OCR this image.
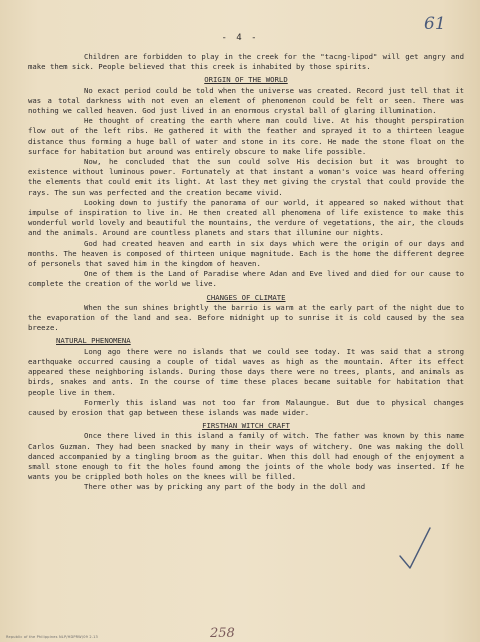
- 4 -
61

Children are forbidden to play in the creek for the "tacng-lipod" will get angry and make them sick. People believed that this creek is inhabited by those spirits.

ORIGIN OF THE WORLD

No exact period could be told when the universe was created. Record just tell that it was a total darkness with not even an element of phenomenon could be felt or seen. There was nothing we called heaven. God just lived in an enormous crystal ball of glaring illumination.

He thought of creating the earth where man could live. At his thought perspiration flow out of the left ribs. He gathered it with the feather and sprayed it to a thirteen league distance thus forming a huge ball of water and stone in its core. He made the stone float on the surface for habitation but around was entirely obscure to make life possible.

Now, he concluded that the sun could solve His decision but it was brought to existence without luminous power. Fortunately at that instant a woman's voice was heard offering the elements that could emit its light. At last they met giving the crystal that could provide the rays. The sun was perfected and the creation became vivid.

Looking down to justify the panorama of our world, it appeared so naked without that impulse of inspiration to live in. He then created all phenomena of life existence to make this wonderful world lovely and beautiful the mountains, the verdure of vegetations, the air, the clouds and the animals. Around are countless planets and stars that illumine our nights.

God had created heaven and earth in six days which were the origin of our days and months. The heaven is composed of thirteen unique magnitude. Each is the home the different degree of personels that saved him in the kingdom of heaven.

One of them is the Land of Paradise where Adan and Eve lived and died for our cause to complete the creation of the world we live.

CHANGES OF CLIMATE

When the sun shines brightly the barrio is warm at the early part of the night due to the evaporation of the land and sea. Before midnight up to sunrise it is cold caused by the sea breeze.

NATURAL PHENOMENA

Long ago there were no islands that we could see today. It was said that a strong earthquake occurred causing a couple of tidal waves as high as the mountain. After its effect appeared these neighboring islands. During those days there were no trees, plants, and animals as birds, snakes and ants. In the course of time these places became suitable for habitation that people live in them.

Formerly this island was not too far from Malaungue. But due to physical changes caused by erosion that gap between these islands was made wider.

FIRSTHAN WITCH CRAFT

Once there lived in this island a family of witch. The father was known by this name Carlos Guzman. They had been snacked by many in their ways of witchery. One was making the doll danced accompanied by a tingling broom as the guitar. When this doll had enough of the enjoyment a small stone enough to fit the holes found among the joints of the whole body was inserted. If he wants you be crippled both holes on the knees will be filled.

There other was by pricking any part of the body in the doll and

258
Republic of the Philippines NLP/HDPRW/09 2.13
